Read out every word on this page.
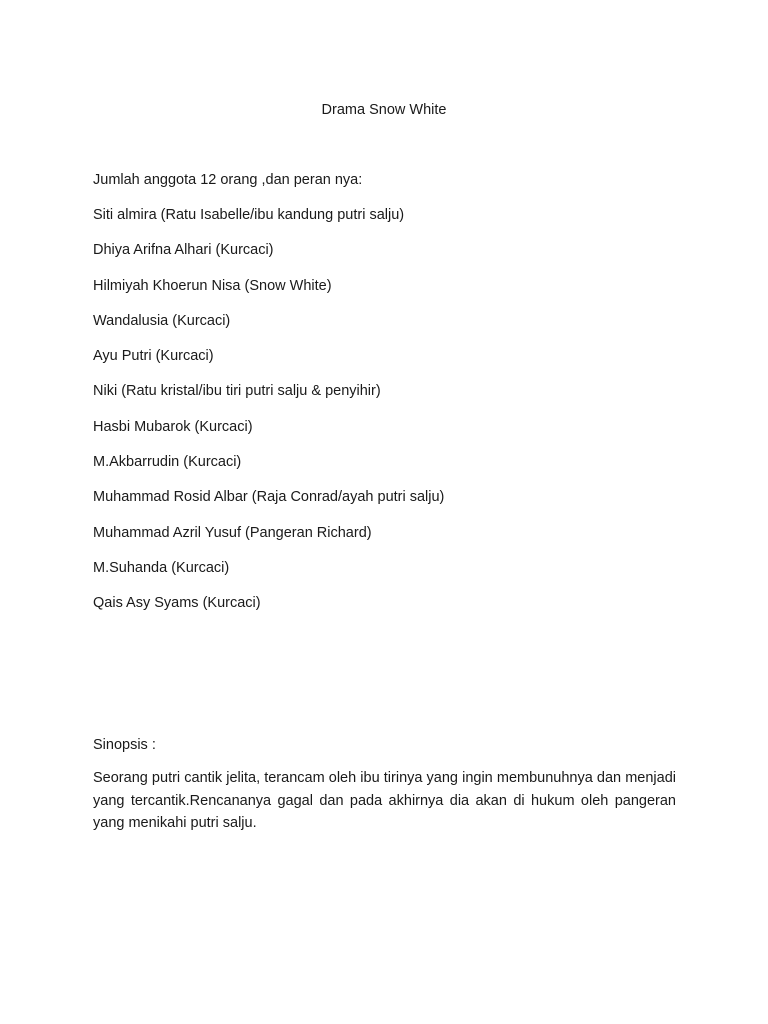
Drama Snow White

Jumlah anggota 12 orang ,dan peran nya:

Siti almira (Ratu Isabelle/ibu kandung putri salju)
Dhiya Arifna Alhari (Kurcaci)
Hilmiyah Khoerun Nisa (Snow White)
Wandalusia (Kurcaci)
Ayu Putri (Kurcaci)
Niki (Ratu kristal/ibu tiri putri salju & penyihir)
Hasbi Mubarok (Kurcaci)
M.Akbarrudin (Kurcaci)
Muhammad Rosid Albar (Raja Conrad/ayah putri salju)
Muhammad Azril Yusuf (Pangeran Richard)
M.Suhanda (Kurcaci)
Qais Asy Syams (Kurcaci)

Sinopsis :

Seorang putri cantik jelita, terancam oleh ibu tirinya yang ingin membunuhnya dan menjadi yang tercantik.Rencananya gagal dan pada akhirnya dia akan di hukum oleh pangeran yang menikahi putri salju.
